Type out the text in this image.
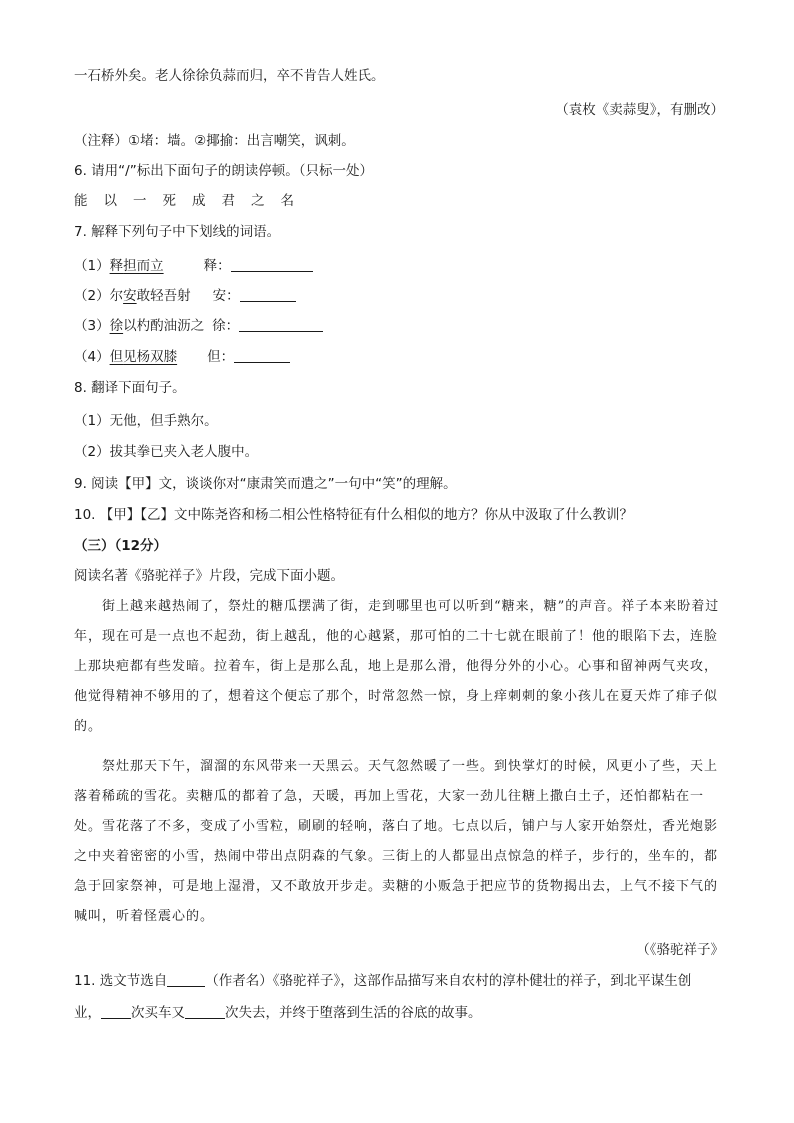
一石桥外矣。老人徐徐负蒜而归，卒不肯告人姓氏。
（袁枚《卖蒜叟》，有删改）
（注释）①堵：墙。②揶揄：出言嘲笑，讽刺。
6. 请用“/”标出下面句子的朗读停顿。（只标一处）
能以一死成君之名
7. 解释下列句子中下划线的词语。
（1）释担而立	释：
（2）尔安敢轻吾射 安：
（3）徐以杓酌油沥之 徐：
（4）但见杨双膝 但：
8. 翻译下面句子。
（1）无他，但手熟尔。
（2）拔其拳已夹入老人腹中。
9. 阅读【甲】文，谈谈你对“康肃笑而遣之”一句中“笑”的理解。
10. 【甲】【乙】文中陈尧咨和杨二相公性格特征有什么相似的地方？你从中汲取了什么教训？
（三）（12分）
阅读名著《骆驼祥子》片段，完成下面小题。
街上越来越热闹了，祭灶的糖瓜摆满了街，走到哪里也可以听到“糖来，糖”的声音。祥子本来盼着过年，现在可是一点也不起劲，街上越乱，他的心越紧，那可怕的二十七就在眼前了！他的眼陷下去，连脸上那块疤都有些发暗。拉着车，街上是那么乱，地上是那么滑，他得分外的小心。心事和留神两气夹攻，他觉得精神不够用的了，想着这个便忘了那个，时常忽然一惊，身上痒刺刺的象小孩儿在夏天炸了痱子似的。
祭灶那天下午，溜溜的东风带来一天黑云。天气忽然暖了一些。到快掌灯的时候，风更小了些，天上落着稀疏的雪花。卖糖瓜的都着了急，天暖，再加上雪花，大家一劲儿往糖上撒白土子，还怕都粘在一处。雪花落了不多，变成了小雪粒，刷刷的轻响，落白了地。七点以后，铺户与人家开始祭灶，香光炮影之中夹着密密的小雪，热闹中带出点阴森的气象。三街上的人都显出点惊急的样子，步行的，坐车的，都急于回家祭神，可是地上湿滑，又不敢放开步走。卖糖的小贩急于把应节的货物揭出去，上气不接下气的喊叫，听着怪震心的。
（《骆驼祥子》
11. 选文节选自	（作者名）《骆驼祥子》，这部作品描写来自农村的淳朴健壮的祥子，到北平谋生创
业， 次买车又	次失去，并终于堕落到生活的谷底的故事。
